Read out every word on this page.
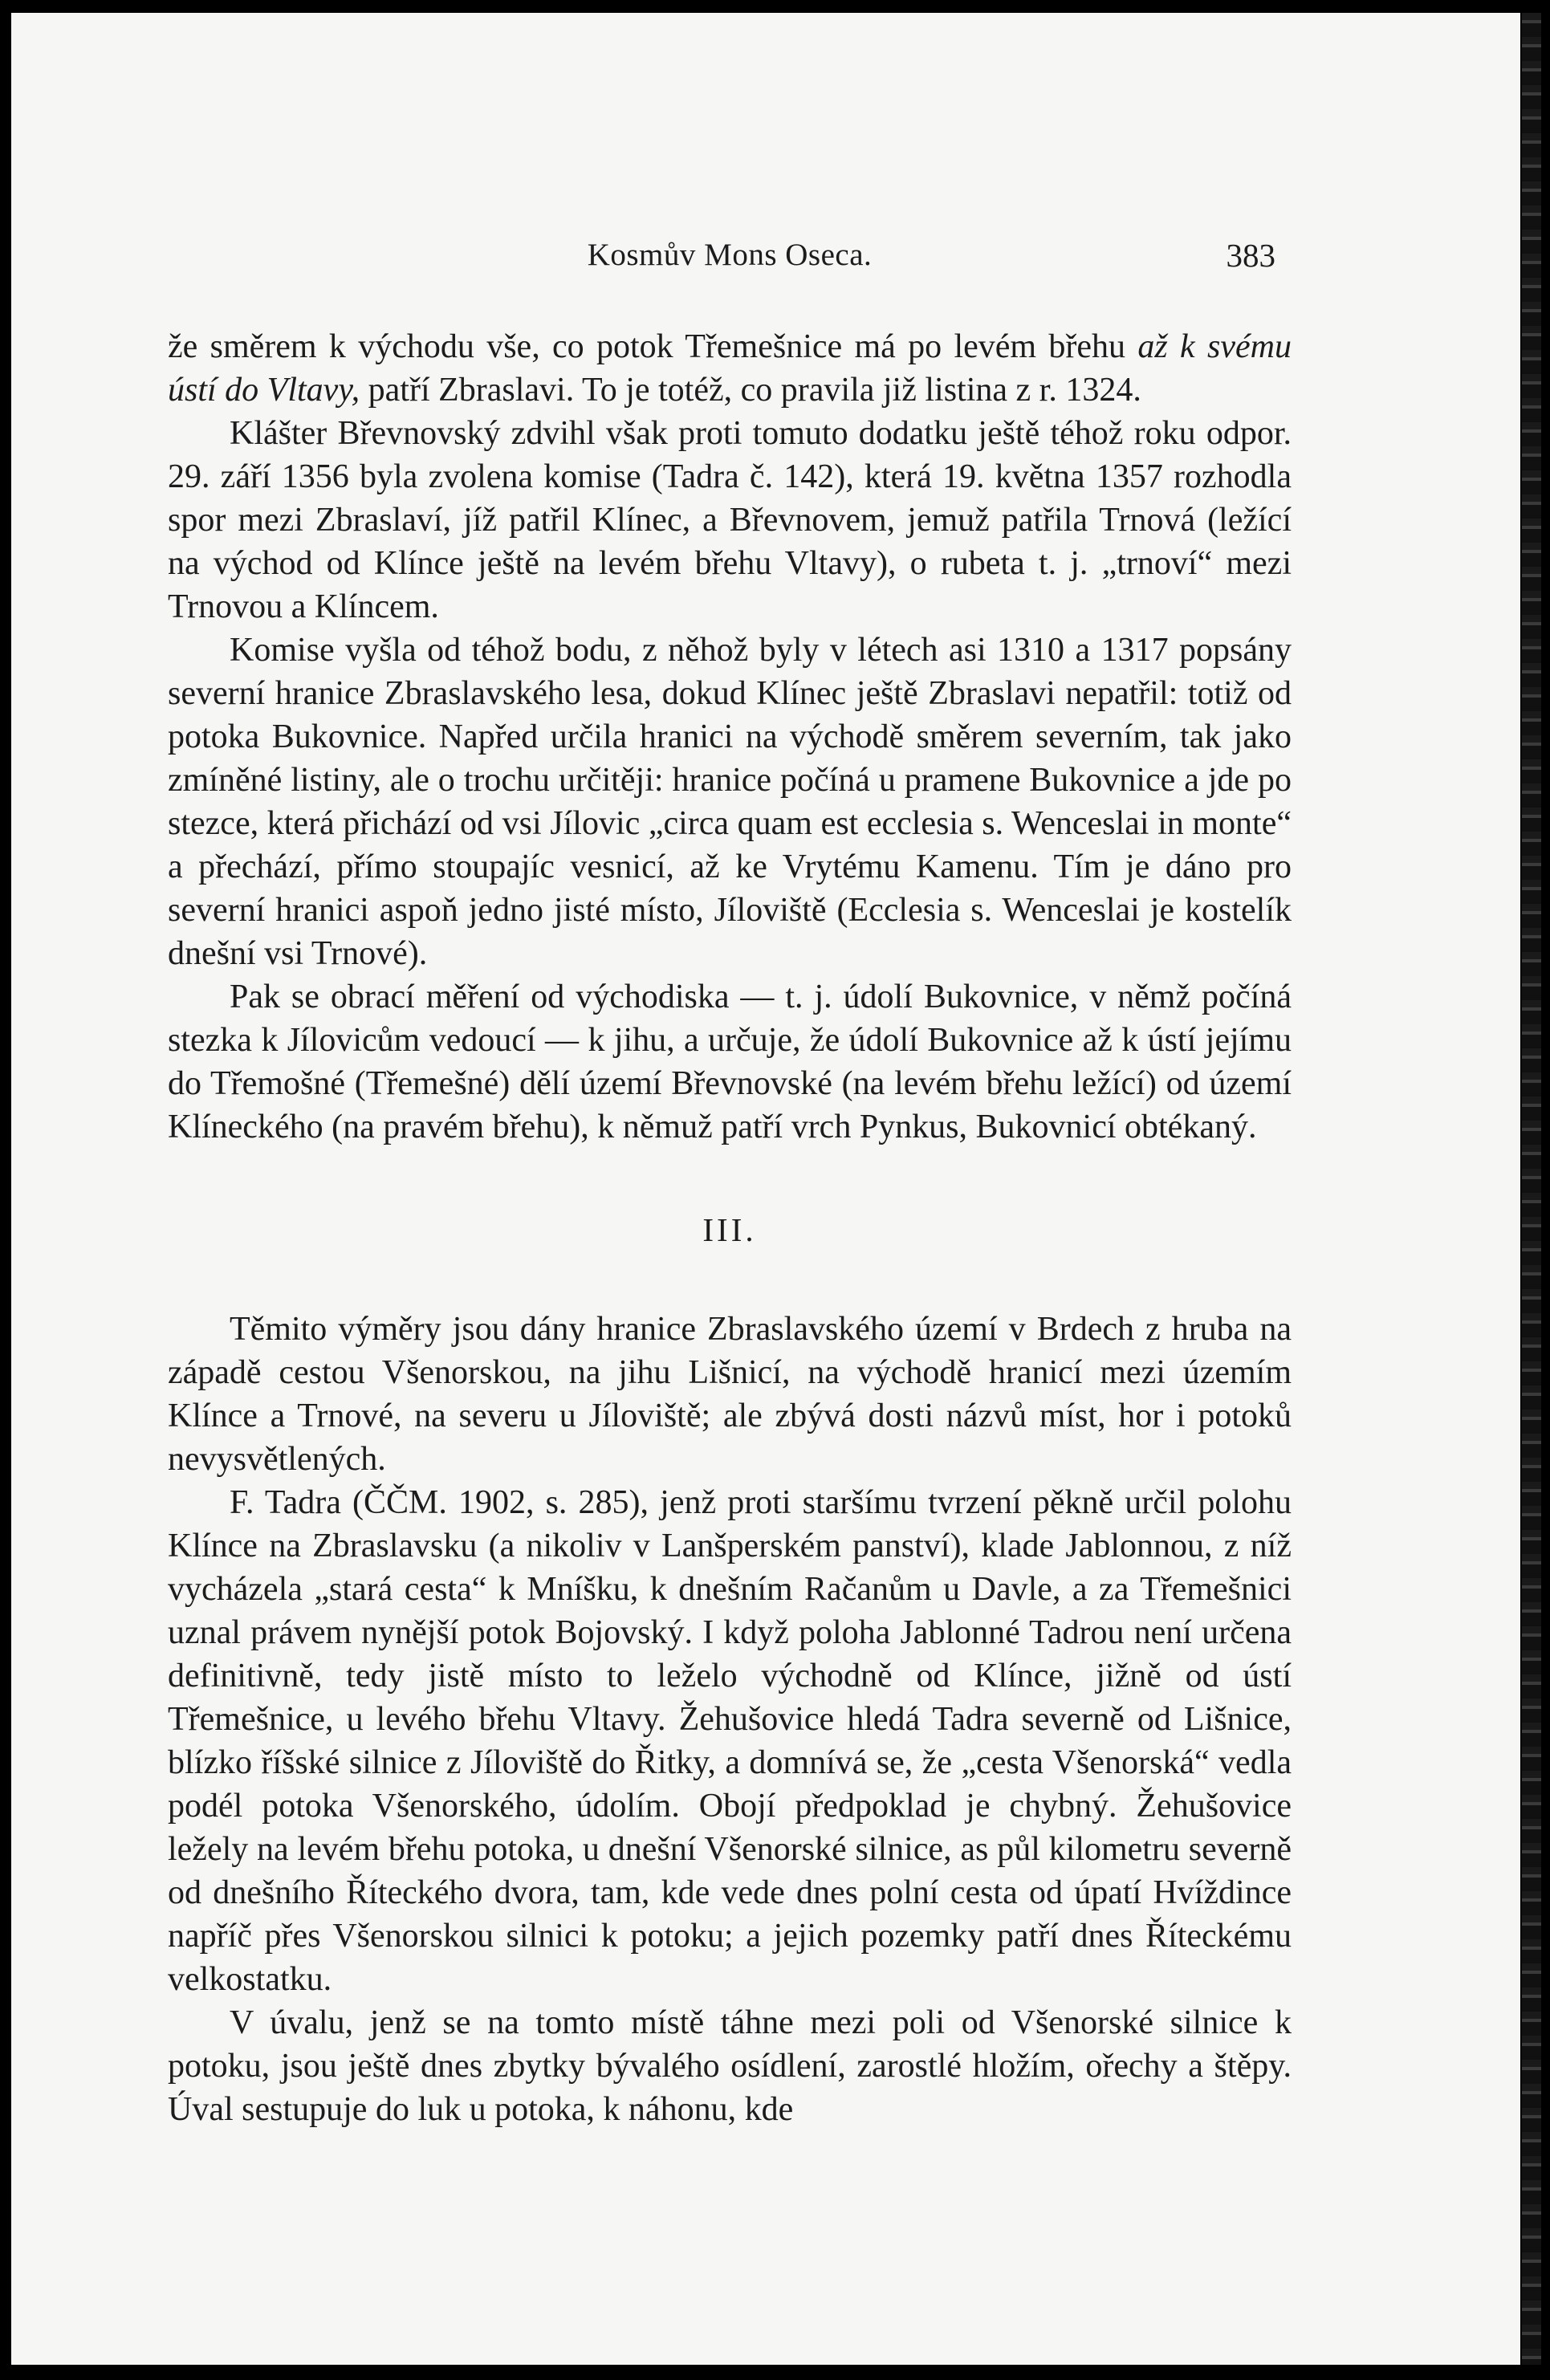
Kosmův Mons Oseca.	383

že směrem k východu vše, co potok Třemešnice má po levém břehu až k svému ústí do Vltavy, patří Zbraslavi. To je totéž, co pravila již listina z r. 1324.

Klášter Břevnovský zdvihl však proti tomuto dodatku ještě téhož roku odpor. 29. září 1356 byla zvolena komise (Tadra č. 142), která 19. května 1357 rozhodla spor mezi Zbraslaví, jíž patřil Klínec, a Břevnovem, jemuž patřila Trnová (ležící na východ od Klínce ještě na levém břehu Vltavy), o rubeta t. j. „trnoví“ mezi Trnovou a Klíncem.

Komise vyšla od téhož bodu, z něhož byly v létech asi 1310 a 1317 popsány severní hranice Zbraslavského lesa, dokud Klínec ještě Zbraslavi nepatřil: totiž od potoka Bukovnice. Napřed určila hranici na východě směrem severním, tak jako zmíněné listiny, ale o trochu určitěji: hranice počíná u pramene Bukovnice a jde po stezce, která přichází od vsi Jílovic „circa quam est ecclesia s. Wenceslai in monte“ a přechází, přímo stoupajíc vesnicí, až ke Vrytému Kamenu. Tím je dáno pro severní hranici aspoň jedno jisté místo, Jíloviště (Ecclesia s. Wenceslai je kostelík dnešní vsi Trnové).

Pak se obrací měření od východiska — t. j. údolí Bukovnice, v němž počíná stezka k Jílovicům vedoucí — k jihu, a určuje, že údolí Bukovnice až k ústí jejímu do Třemošné (Třemešné) dělí území Břevnovské (na levém břehu ležící) od území Klíneckého (na pravém břehu), k němuž patří vrch Pynkus, Bukovnicí obtékaný.

III.

Těmito výměry jsou dány hranice Zbraslavského území v Brdech z hruba na západě cestou Všenorskou, na jihu Lišnicí, na východě hranicí mezi územím Klínce a Trnové, na severu u Jíloviště; ale zbývá dosti názvů míst, hor i potoků nevysvětlených.

F. Tadra (ČČM. 1902, s. 285), jenž proti staršímu tvrzení pěkně určil polohu Klínce na Zbraslavsku (a nikoliv v Lanšperském panství), klade Jablonnou, z níž vycházela „stará cesta“ k Mníšku, k dnešním Račanům u Davle, a za Třemešnici uznal právem nynější potok Bojovský. I když poloha Jablonné Tadrou není určena definitivně, tedy jistě místo to leželo východně od Klínce, jižně od ústí Třemešnice, u levého břehu Vltavy. Žehušovice hledá Tadra severně od Lišnice, blízko říšské silnice z Jíloviště do Řitky, a domnívá se, že „cesta Všenorská“ vedla podél potoka Všenorského, údolím. Obojí předpoklad je chybný. Žehušovice ležely na levém břehu potoka, u dnešní Všenorské silnice, as půl kilometru severně od dnešního Říteckého dvora, tam, kde vede dnes polní cesta od úpatí Hvíždince napříč přes Všenorskou silnici k potoku; a jejich pozemky patří dnes Říteckému velkostatku.

V úvalu, jenž se na tomto místě táhne mezi poli od Všenorské silnice k potoku, jsou ještě dnes zbytky bývalého osídlení, zarostlé hložím, ořechy a štěpy. Úval sestupuje do luk u potoka, k náhonu, kde
